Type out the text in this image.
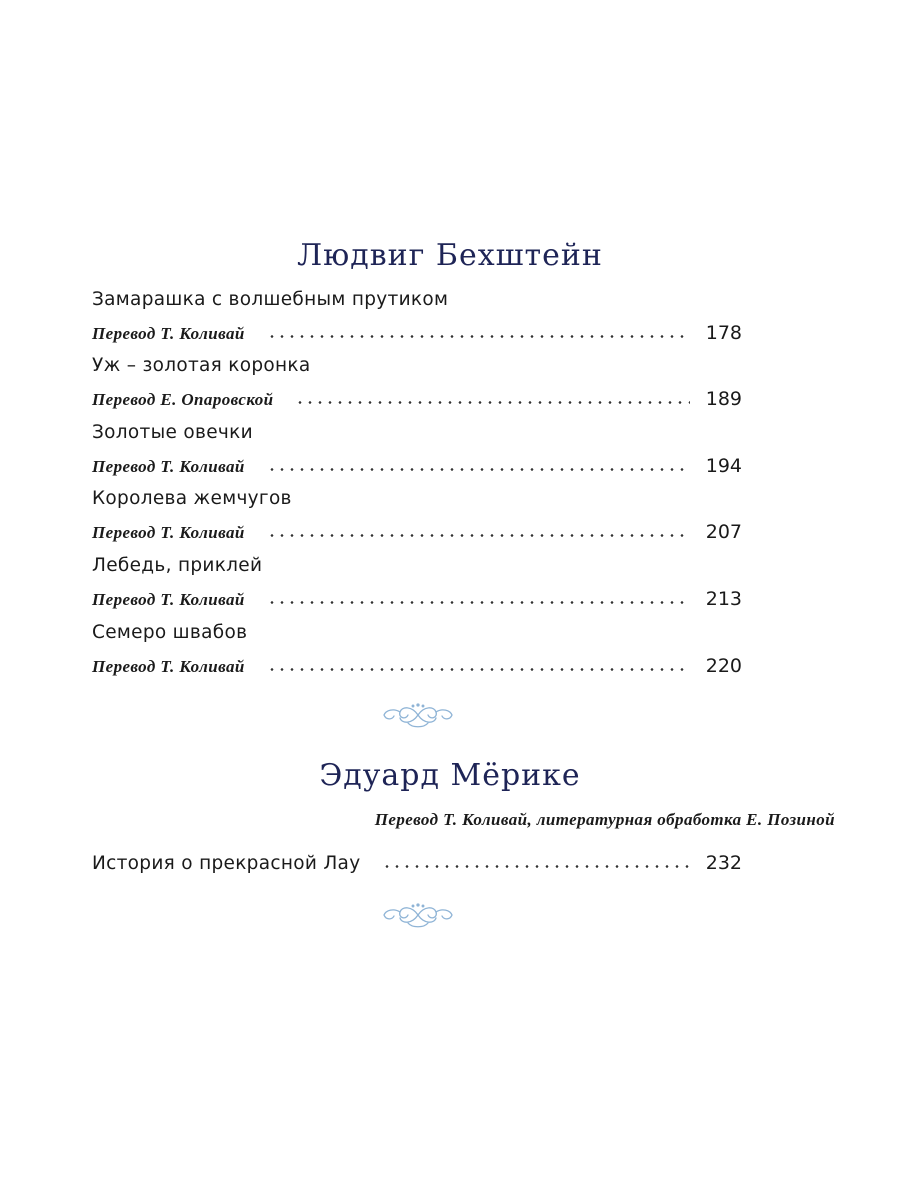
Людвиг Бехштейн
Замарашка с волшебным прутиком
Перевод Т. Коливай	178
Уж – золотая коронка
Перевод Е. Опаровской	189
Золотые овечки
Перевод Т. Коливай	194
Королева жемчугов
Перевод Т. Коливай	207
Лебедь, приклей
Перевод Т. Коливай	213
Семеро швабов
Перевод Т. Коливай	220
Эдуард Мёрике
Перевод Т. Коливай, литературная обработка Е. Позиной
История о прекрасной Лау	232
